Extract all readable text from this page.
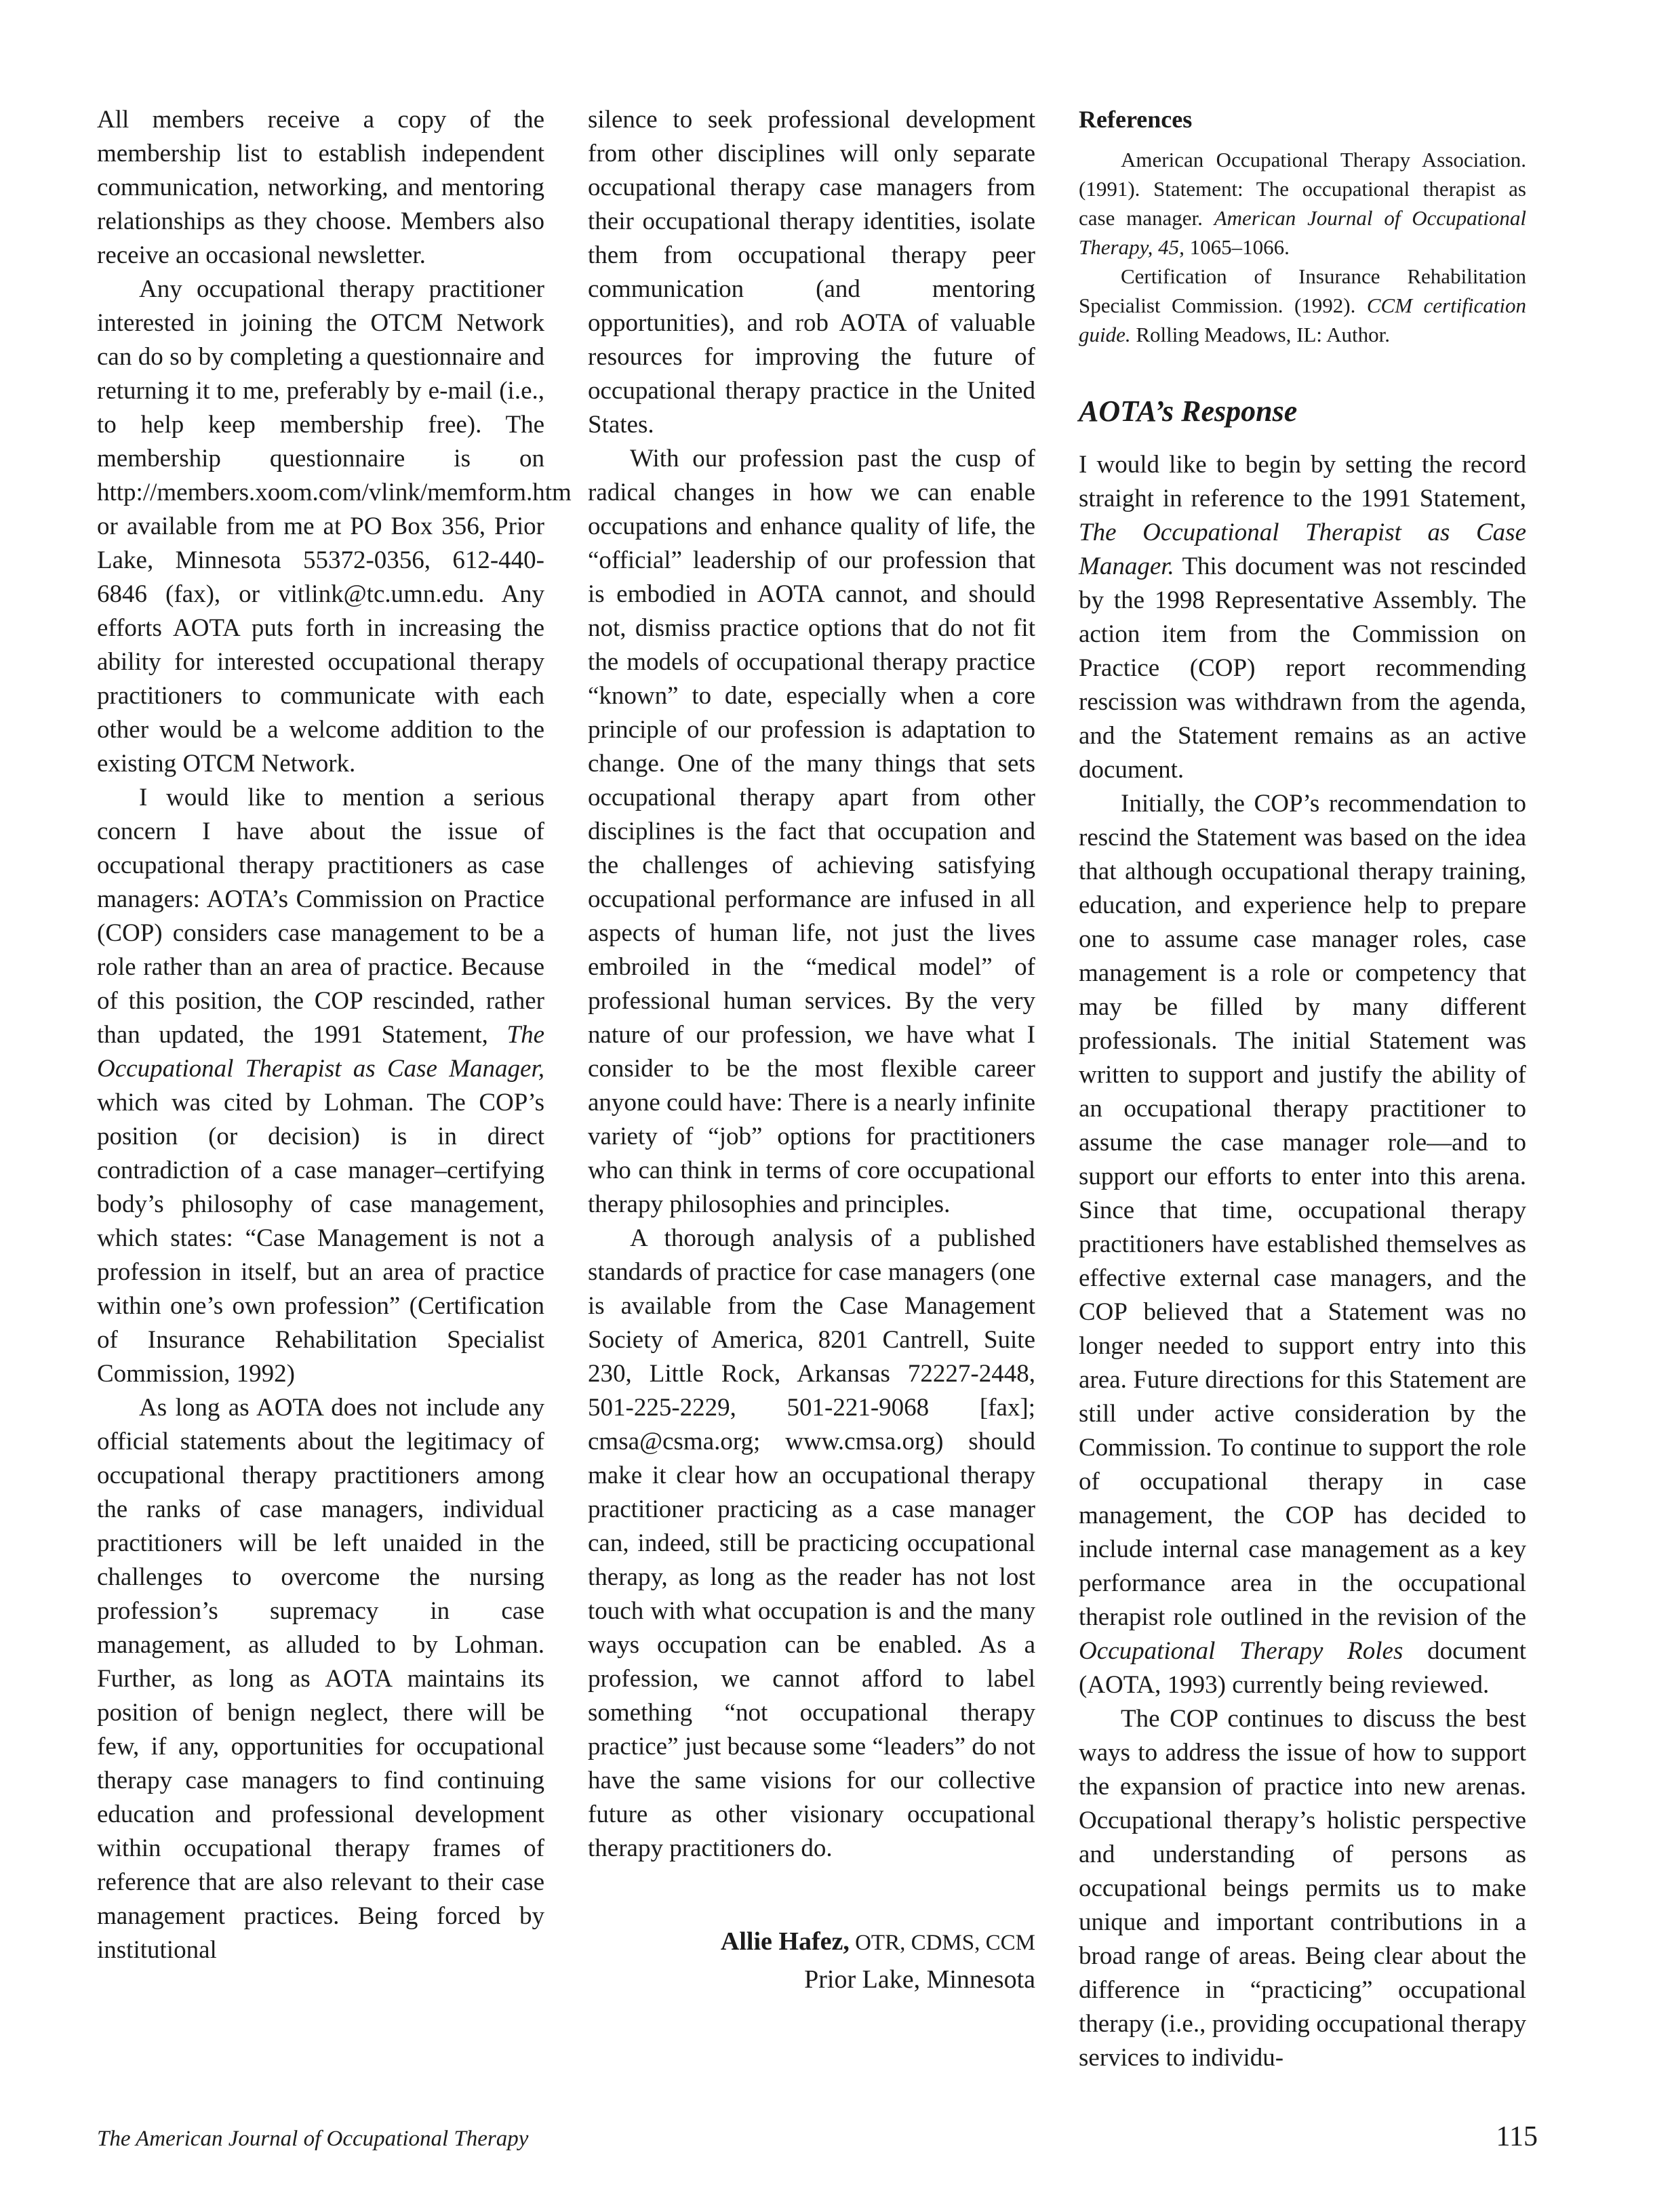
All members receive a copy of the membership list to establish independent communication, networking, and mentoring relationships as they choose. Members also receive an occasional newsletter.

Any occupational therapy practitioner interested in joining the OTCM Network can do so by completing a questionnaire and returning it to me, preferably by e-mail (i.e., to help keep membership free). The membership questionnaire is on http://members.xoom.com/vlink/memform.htm or available from me at PO Box 356, Prior Lake, Minnesota 55372-0356, 612-440-6846 (fax), or vitlink@tc.umn.edu. Any efforts AOTA puts forth in increasing the ability for interested occupational therapy practitioners to communicate with each other would be a welcome addition to the existing OTCM Network.

I would like to mention a serious concern I have about the issue of occupational therapy practitioners as case managers: AOTA’s Commission on Practice (COP) considers case management to be a role rather than an area of practice. Because of this position, the COP rescinded, rather than updated, the 1991 Statement, The Occupational Therapist as Case Manager, which was cited by Lohman. The COP’s position (or decision) is in direct contradiction of a case manager–certifying body’s philosophy of case management, which states: “Case Management is not a profession in itself, but an area of practice within one’s own profession” (Certification of Insurance Rehabilitation Specialist Commission, 1992)

As long as AOTA does not include any official statements about the legitimacy of occupational therapy practitioners among the ranks of case managers, individual practitioners will be left unaided in the challenges to overcome the nursing profession’s supremacy in case management, as alluded to by Lohman. Further, as long as AOTA maintains its position of benign neglect, there will be few, if any, opportunities for occupational therapy case managers to find continuing education and professional development within occupational therapy frames of reference that are also relevant to their case management practices. Being forced by institutional

silence to seek professional development from other disciplines will only separate occupational therapy case managers from their occupational therapy identities, isolate them from occupational therapy peer communication (and mentoring opportunities), and rob AOTA of valuable resources for improving the future of occupational therapy practice in the United States.

With our profession past the cusp of radical changes in how we can enable occupations and enhance quality of life, the “official” leadership of our profession that is embodied in AOTA cannot, and should not, dismiss practice options that do not fit the models of occupational therapy practice “known” to date, especially when a core principle of our profession is adaptation to change. One of the many things that sets occupational therapy apart from other disciplines is the fact that occupation and the challenges of achieving satisfying occupational performance are infused in all aspects of human life, not just the lives embroiled in the “medical model” of professional human services. By the very nature of our profession, we have what I consider to be the most flexible career anyone could have: There is a nearly infinite variety of “job” options for practitioners who can think in terms of core occupational therapy philosophies and principles.

A thorough analysis of a published standards of practice for case managers (one is available from the Case Management Society of America, 8201 Cantrell, Suite 230, Little Rock, Arkansas 72227-2448, 501-225-2229, 501-221-9068 [fax]; cmsa@csma.org; www.cmsa.org) should make it clear how an occupational therapy practitioner practicing as a case manager can, indeed, still be practicing occupational therapy, as long as the reader has not lost touch with what occupation is and the many ways occupation can be enabled. As a profession, we cannot afford to label something “not occupational therapy practice” just because some “leaders” do not have the same visions for our collective future as other visionary occupational therapy practitioners do.

Allie Hafez, OTR, CDMS, CCM
Prior Lake, Minnesota
References

American Occupational Therapy Association. (1991). Statement: The occupational therapist as case manager. American Journal of Occupational Therapy, 45, 1065–1066.

Certification of Insurance Rehabilitation Specialist Commission. (1992). CCM certification guide. Rolling Meadows, IL: Author.

AOTA’s Response

I would like to begin by setting the record straight in reference to the 1991 Statement, The Occupational Therapist as Case Manager. This document was not rescinded by the 1998 Representative Assembly. The action item from the Commission on Practice (COP) report recommending rescission was withdrawn from the agenda, and the Statement remains as an active document.

Initially, the COP’s recommendation to rescind the Statement was based on the idea that although occupational therapy training, education, and experience help to prepare one to assume case manager roles, case management is a role or competency that may be filled by many different professionals. The initial Statement was written to support and justify the ability of an occupational therapy practitioner to assume the case manager role—and to support our efforts to enter into this arena. Since that time, occupational therapy practitioners have established themselves as effective external case managers, and the COP believed that a Statement was no longer needed to support entry into this area. Future directions for this Statement are still under active consideration by the Commission. To continue to support the role of occupational therapy in case management, the COP has decided to include internal case management as a key performance area in the occupational therapist role outlined in the revision of the Occupational Therapy Roles document (AOTA, 1993) currently being reviewed.

The COP continues to discuss the best ways to address the issue of how to support the expansion of practice into new arenas. Occupational therapy’s holistic perspective and understanding of persons as occupational beings permits us to make unique and important contributions in a broad range of areas. Being clear about the difference in “practicing” occupational therapy (i.e., providing occupational therapy services to individu-

The American Journal of Occupational Therapy	115
